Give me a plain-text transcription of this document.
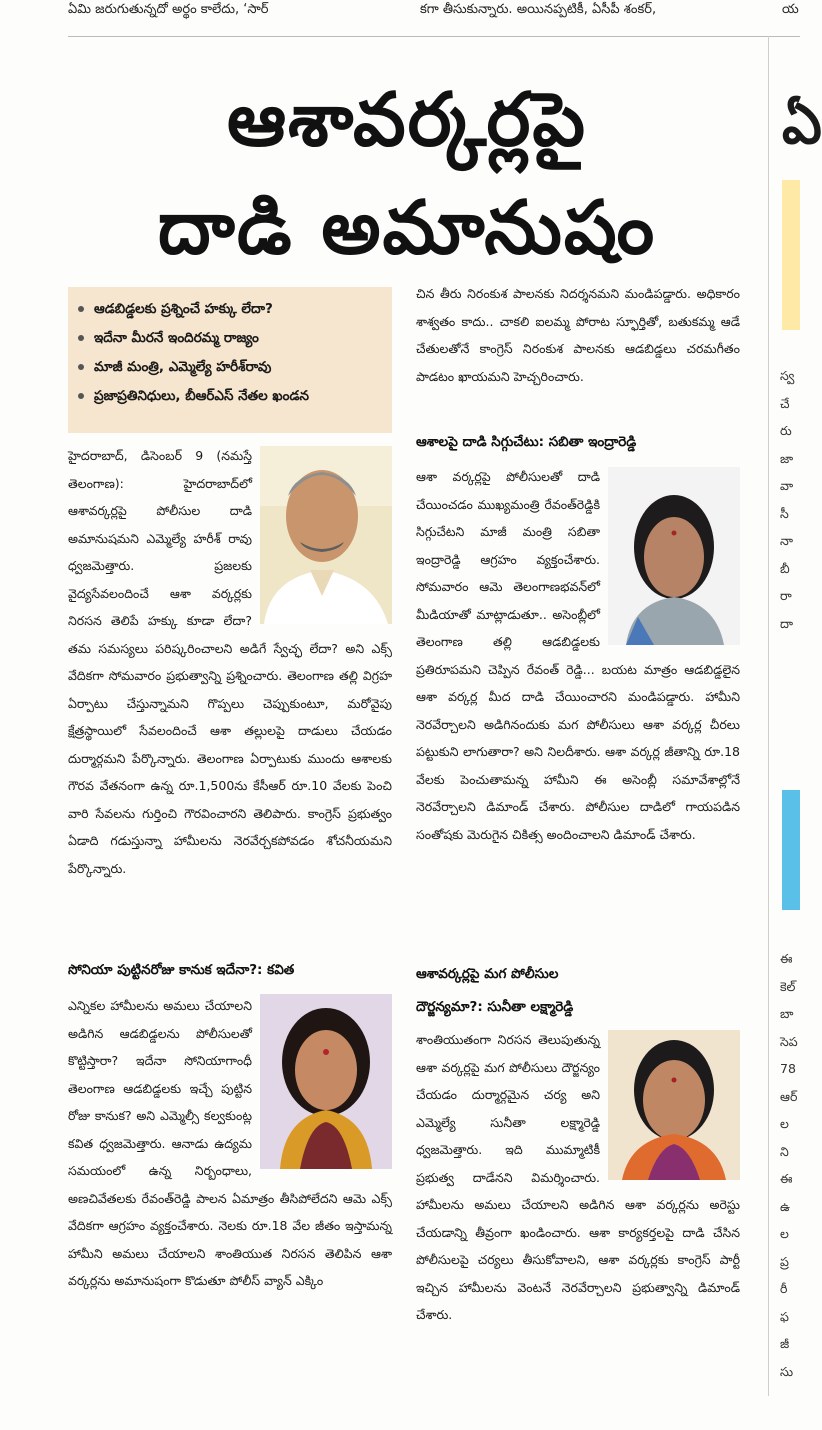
ఏమి జరుగుతున్నదో అర్థం కాలేదు, ‘సార్	కగా తీసుకున్నారు. అయినప్పటికీ, ఏసీపీ శంకర్,	య
ఆశావర్కర్లపై
దాడి అమానుషం
ఆడబిడ్డలకు ప్రశ్నించే హక్కు లేదా?
ఇదేనా మీరనే ఇందిరమ్మ రాజ్యం
మాజీ మంత్రి, ఎమ్మెల్యే హరీశ్‌రావు
ప్రజాప్రతినిధులు, బీఆర్‌ఎస్ నేతల ఖండన

హైదరాబాద్, డిసెంబర్ 9 (నమస్తే తెలంగాణ): హైదరాబాద్‌లో ఆశావర్కర్లపై పోలీసుల దాడి అమానుషమని ఎమ్మెల్యే హరీశ్ రావు ధ్వజమెత్తారు. ప్రజలకు వైద్యసేవలందించే ఆశా వర్కర్లకు నిరసన తెలిపే హక్కు కూడా లేదా? తమ సమస్యలు పరిష్కరించాలని అడిగే స్వేచ్ఛ లేదా? అని ఎక్స్ వేదికగా సోమవారం ప్రభుత్వాన్ని ప్రశ్నించారు. తెలంగాణ తల్లి విగ్రహ ఏర్పాటు చేస్తున్నామని గొప్పలు చెప్పుకుంటూ, మరోవైపు క్షేత్రస్థాయిలో సేవలందించే ఆశా తల్లులపై దాడులు చేయడం దుర్మార్గమని పేర్కొన్నారు. తెలంగాణ ఏర్పాటుకు ముందు ఆశాలకు గౌరవ వేతనంగా ఉన్న రూ.1,500ను కేసీఆర్ రూ.10 వేలకు పెంచి వారి సేవలను గుర్తించి గౌరవించారని తెలిపారు. కాంగ్రెస్ ప్రభుత్వం ఏడాది గడుస్తున్నా హామీలను నెరవేర్చకపోవడం శోచనీయమని పేర్కొన్నారు.

సోనియా పుట్టినరోజు కానుక ఇదేనా?: కవిత

ఎన్నికల హామీలను అమలు చేయాలని అడిగిన ఆడబిడ్డలను పోలీసులతో కొట్టిస్తారా? ఇదేనా సోనియాగాంధీ తెలంగాణ ఆడబిడ్డలకు ఇచ్చే పుట్టిన రోజు కానుక? అని ఎమ్మెల్సీ కల్వకుంట్ల కవిత ధ్వజమెత్తారు. ఆనాడు ఉద్యమ సమయంలో ఉన్న నిర్బంధాలు, అణచివేతలకు రేవంత్‌రెడ్డి పాలన ఏమాత్రం తీసిపోలేదని ఆమె ఎక్స్ వేదికగా ఆగ్రహం వ్యక్తంచేశారు. నెలకు రూ.18 వేల జీతం ఇస్తామన్న హామీని అమలు చేయాలని శాంతియుత నిరసన తెలిపిన ఆశా వర్కర్లను అమానుషంగా కొడుతూ పోలీస్ వ్యాన్ ఎక్కిం

చిన తీరు నిరంకుశ పాలనకు నిదర్శనమని మండిపడ్డారు. అధికారం శాశ్వతం కాదు.. చాకలి ఐలమ్మ పోరాట స్ఫూర్తితో, బతుకమ్మ ఆడే చేతులతోనే కాంగ్రెస్ నిరంకుశ పాలనకు ఆడబిడ్డలు చరమగీతం పాడటం ఖాయమని హెచ్చరించారు.

ఆశాలపై దాడి సిగ్గుచేటు: సబితా ఇంద్రారెడ్డి

ఆశా వర్కర్లపై పోలీసులతో దాడి చేయించడం ముఖ్యమంత్రి రేవంత్‌రెడ్డికి సిగ్గుచేటని మాజీ మంత్రి సబితా ఇంద్రారెడ్డి ఆగ్రహం వ్యక్తంచేశారు. సోమవారం ఆమె తెలంగాణభవన్‌లో మీడియాతో మాట్లాడుతూ.. అసెంబ్లీలో తెలంగాణ తల్లి ఆడబిడ్డలకు ప్రతిరూపమని చెప్పిన రేవంత్ రెడ్డి... బయట మాత్రం ఆడబిడ్డలైన ఆశా వర్కర్ల మీద దాడి చేయించారని మండిపడ్డారు. హామీని నెరవేర్చాలని అడిగినందుకు మగ పోలీసులు ఆశా వర్కర్ల చీరలు పట్టుకుని లాగుతారా? అని నిలదీశారు. ఆశా వర్కర్ల జీతాన్ని రూ.18 వేలకు పెంచుతామన్న హామీని ఈ అసెంబ్లీ సమావేశాల్లోనే నెరవేర్చాలని డిమాండ్ చేశారు. పోలీసుల దాడిలో గాయపడిన సంతోషకు మెరుగైన చికిత్స అందించాలని డిమాండ్ చేశారు.

ఆశావర్కర్లపై మగ పోలీసుల
దౌర్జన్యమా?: సునీతా లక్ష్మారెడ్డి

శాంతియుతంగా నిరసన తెలుపుతున్న ఆశా వర్కర్లపై మగ పోలీసులు దౌర్జన్యం చేయడం దుర్మార్గమైన చర్య అని ఎమ్మెల్యే సునీతా లక్ష్మారెడ్డి ధ్వజమెత్తారు. ఇది ముమ్మాటికీ ప్రభుత్వ దాడేనని విమర్శించారు. హామీలను అమలు చేయాలని అడిగిన ఆశా వర్కర్లను అరెస్టు చేయడాన్ని తీవ్రంగా ఖండించారు. ఆశా కార్యకర్తలపై దాడి చేసిన పోలీసులపై చర్యలు తీసుకోవాలని, ఆశా వర్కర్లకు కాంగ్రెస్ పార్టీ ఇచ్చిన హామీలను వెంటనే నెరవేర్చాలని ప్రభుత్వాన్ని డిమాండ్ చేశారు.

ఏ
స్వ
చే
రు
జా
వా
సీ
నా
బీ
రా
దా
ఈ
కెల్
బా
సెప
78
ఆర్
ల
ని
ఈ
ఉ
ల
ప్ర
రీ
ఫ
జీ
సు
